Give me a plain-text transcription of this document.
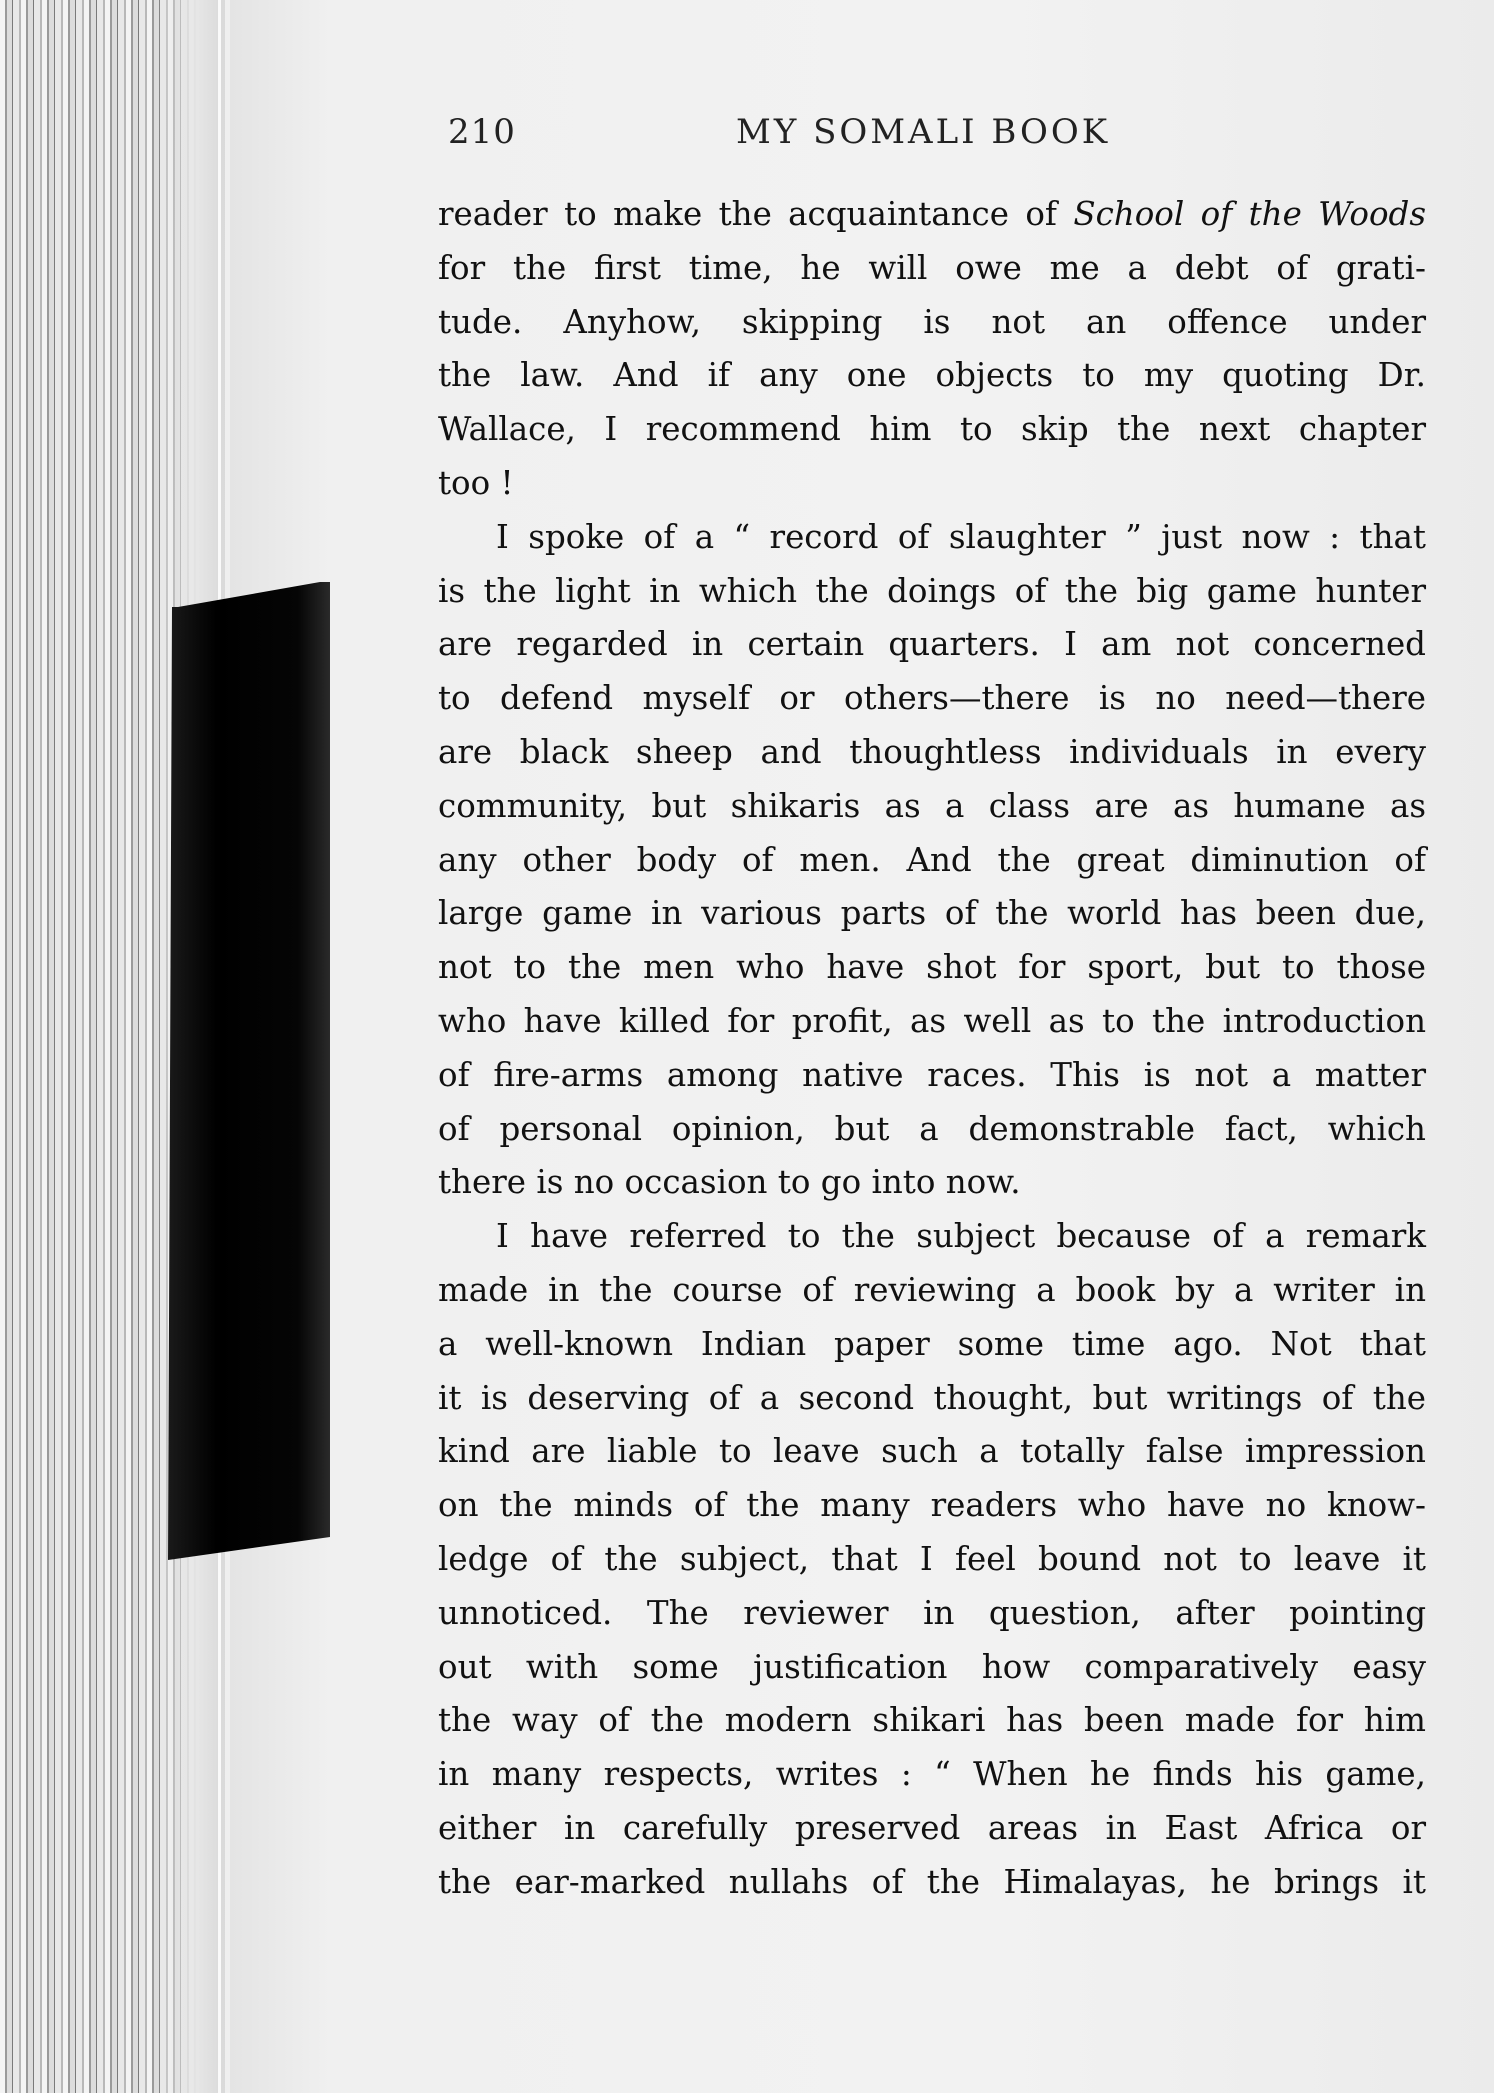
210	MY SOMALI BOOK
reader to make the acquaintance of School of the Woods
for the first time, he will owe me a debt of grati-
tude. Anyhow, skipping is not an offence under
the law. And if any one objects to my quoting Dr.
Wallace, I recommend him to skip the next chapter
too !
I spoke of a “ record of slaughter ” just now : that
is the light in which the doings of the big game hunter
are regarded in certain quarters. I am not concerned
to defend myself or others—there is no need—there
are black sheep and thoughtless individuals in every
community, but shikaris as a class are as humane as
any other body of men. And the great diminution of
large game in various parts of the world has been due,
not to the men who have shot for sport, but to those
who have killed for profit, as well as to the introduction
of fire-arms among native races. This is not a matter
of personal opinion, but a demonstrable fact, which
there is no occasion to go into now.
I have referred to the subject because of a remark
made in the course of reviewing a book by a writer in
a well-known Indian paper some time ago. Not that
it is deserving of a second thought, but writings of the
kind are liable to leave such a totally false impression
on the minds of the many readers who have no know-
ledge of the subject, that I feel bound not to leave it
unnoticed. The reviewer in question, after pointing
out with some justification how comparatively easy
the way of the modern shikari has been made for him
in many respects, writes : “ When he finds his game,
either in carefully preserved areas in East Africa or
the ear-marked nullahs of the Himalayas, he brings it
